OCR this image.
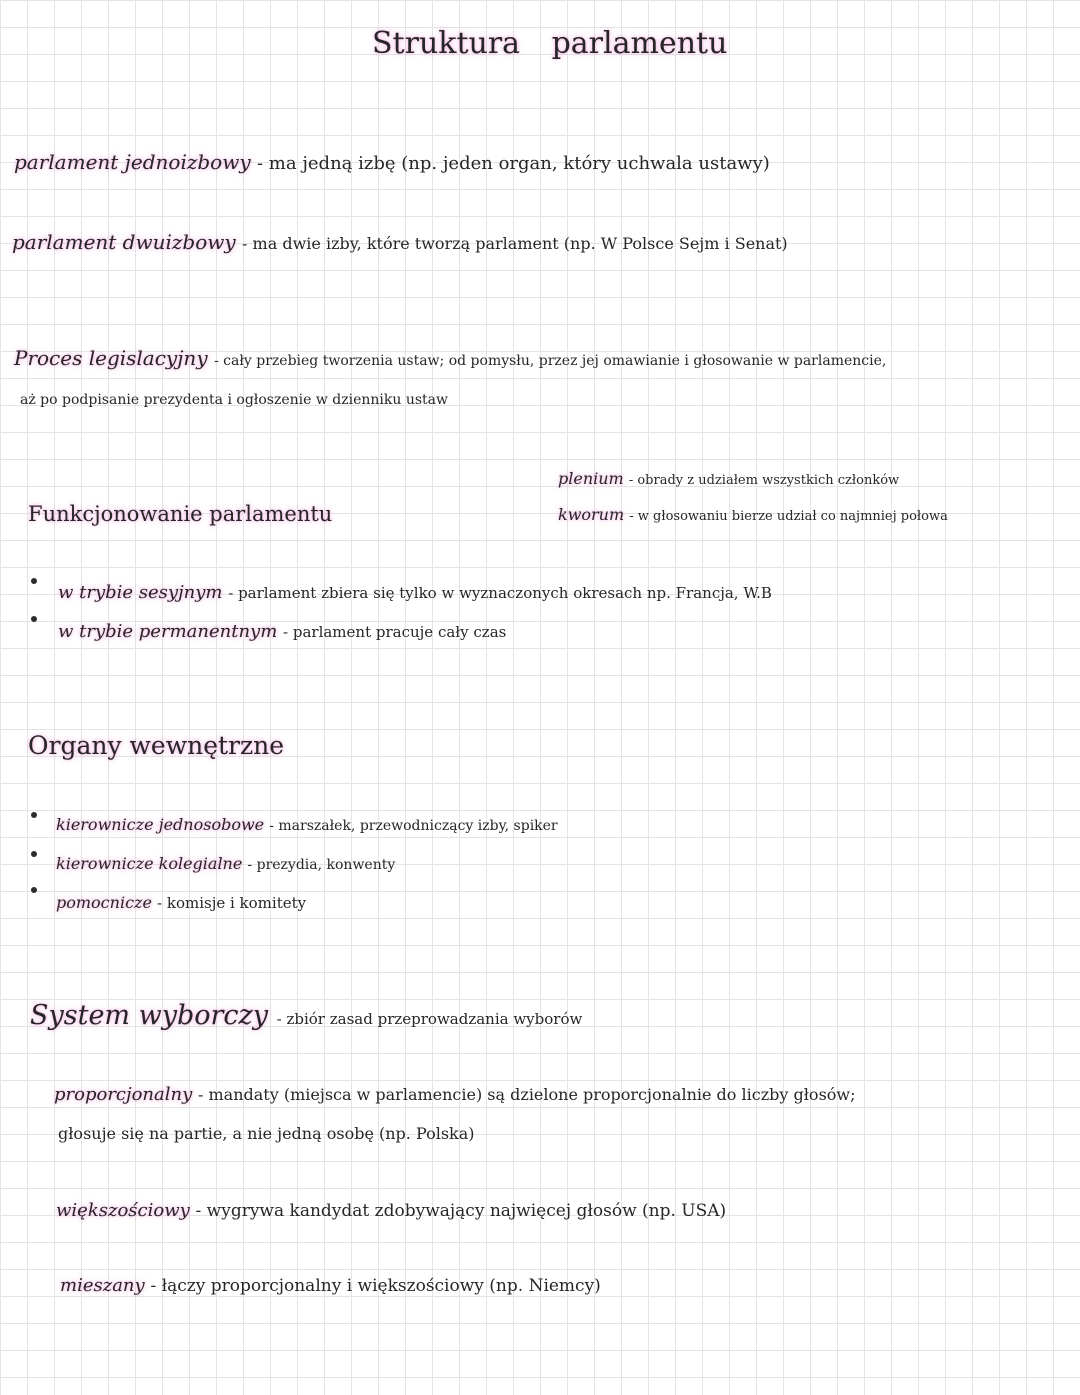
Struktura parlamentu
parlament jednoizbowy - ma jedną izbę (np. jeden organ, który uchwala ustawy)
parlament dwuizbowy - ma dwie izby, które tworzą parlament (np. W Polsce Sejm i Senat)
Proces legislacyjny - cały przebieg tworzenia ustaw; od pomysłu, przez jej omawianie i głosowanie w parlamencie,
aż po podpisanie prezydenta i ogłoszenie w dzienniku ustaw
Funkcjonowanie parlamentu
plenium - obrady z udziałem wszystkich członków
kworum - w głosowaniu bierze udział co najmniej połowa
w trybie sesyjnym - parlament zbiera się tylko w wyznaczonych okresach np. Francja, W.B
w trybie permanentnym - parlament pracuje cały czas
Organy wewnętrzne
kierownicze jednosobowe - marszałek, przewodniczący izby, spiker
kierownicze kolegialne - prezydia, konwenty
pomocnicze - komisje i komitety
System wyborczy - zbiór zasad przeprowadzania wyborów
proporcjonalny - mandaty (miejsca w parlamencie) są dzielone proporcjonalnie do liczby głosów;
głosuje się na partie, a nie jedną osobę (np. Polska)
większościowy - wygrywa kandydat zdobywający najwięcej głosów (np. USA)
mieszany - łączy proporcjonalny i większościowy (np. Niemcy)
